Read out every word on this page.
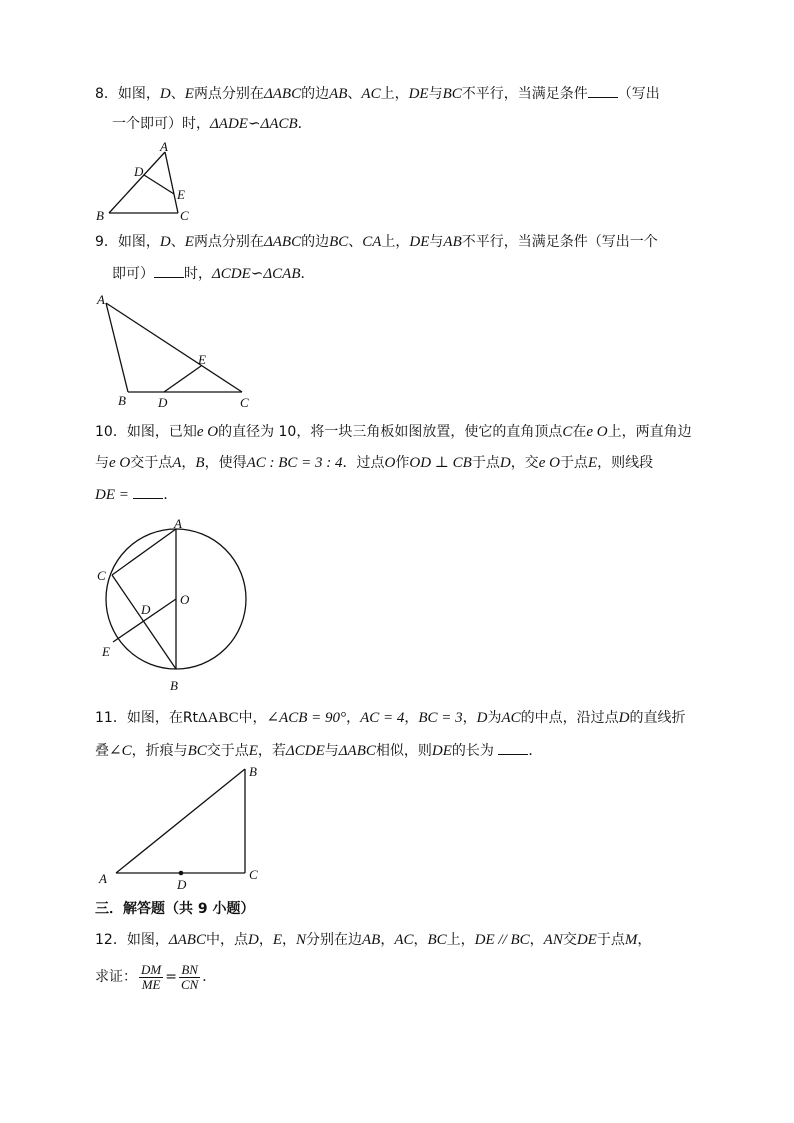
8．如图，D、E两点分别在ΔABC的边AB、AC上，DE与BC不平行，当满足条件 （写出
一个即可）时，ΔADE∽ΔACB．
A
B	C
D
E
9．如图，D、E两点分别在ΔABC的边BC、CA上，DE与AB不平行，当满足条件（写出一个
即可） 时，ΔCDE∽ΔCAB．
A
B	C
D
E
10．如图，已知e O的直径为 10，将一块三角板如图放置，使它的直角顶点C在e O上，两直角边
与e O交于点A，B，使得AC : BC = 3 : 4．过点O作OD ⊥ CB于点D，交e O于点E，则线段
DE = ．
A
B
C
D
E
O
11．如图，在RtΔABC中，∠ACB = 90°，AC = 4，BC = 3，D为AC的中点，沿过点D的直线折
叠∠C，折痕与BC交于点E，若ΔCDE与ΔABC相似，则DE的长为 ．
A
B
C
D
三．解答题（共 9 小题）
12．如图，ΔABC中，点D，E，N分别在边AB，AC，BC上，DE // BC，AN交DE于点M，
求证： $\frac{DM}{ME} = \frac{BN}{CN}$ ．
